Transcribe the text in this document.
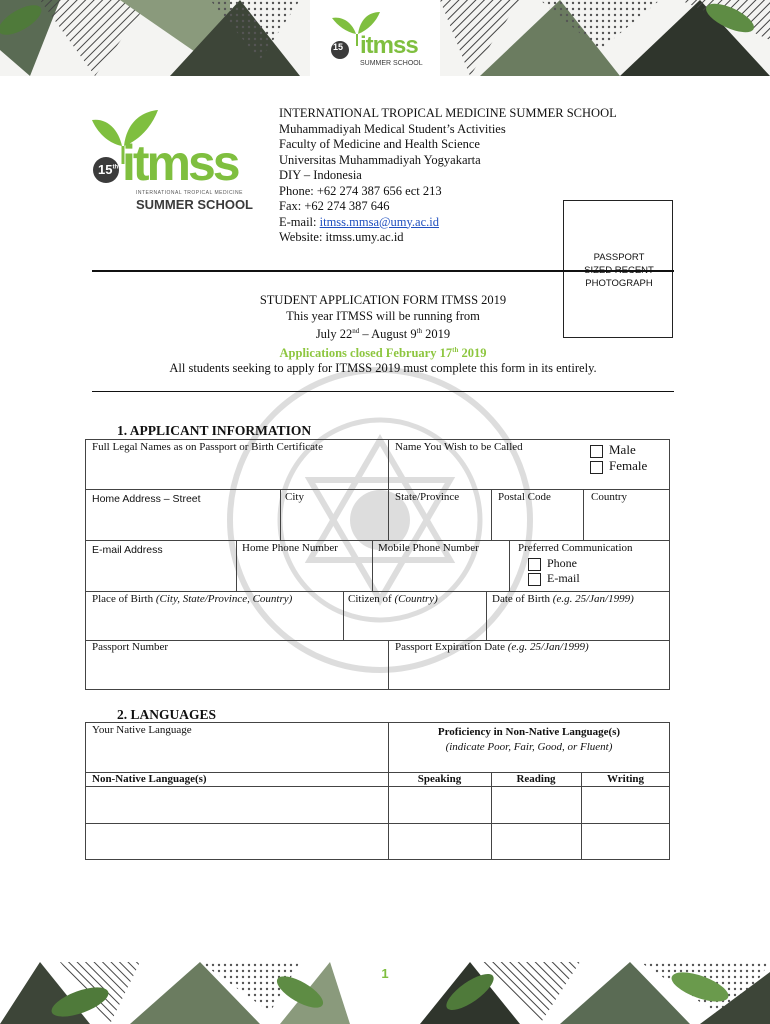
itmss
15
SUMMER SCHOOL
15th itmss
INTERNATIONAL TROPICAL MEDICINE
SUMMER SCHOOL
INTERNATIONAL TROPICAL MEDICINE SUMMER SCHOOL
Muhammadiyah Medical Student’s Activities
Faculty of Medicine and Health Science
Universitas Muhammadiyah Yogyakarta
DIY – Indonesia
Phone: +62 274 387 656 ect 213
Fax: +62 274 387 646
E-mail: itmss.mmsa@umy.ac.id
Website: itmss.umy.ac.id
PASSPORT
SIZED RECENT
PHOTOGRAPH
STUDENT APPLICATION FORM ITMSS 2019
This year ITMSS will be running from
July 22nd – August 9th 2019
Applications closed February 17th 2019
All students seeking to apply for ITMSS 2019 must complete this form in its entirely.
1. APPLICANT INFORMATION
Full Legal Names as on Passport or Birth Certificate	Name You Wish to be Called	Male
Female
Home Address – Street	City	State/Province	Postal Code	Country
E-mail Address	Home Phone Number	Mobile Phone Number	Preferred Communication
Phone
E-mail
Place of Birth (City, State/Province, Country)	Citizen of (Country)	Date of Birth (e.g. 25/Jan/1999)
Passport Number	Passport Expiration Date (e.g. 25/Jan/1999)
2. LANGUAGES
Your Native Language	Proficiency in Non-Native Language(s)
(indicate Poor, Fair, Good, or Fluent)
Non-Native Language(s)	Speaking	Reading	Writing
1
